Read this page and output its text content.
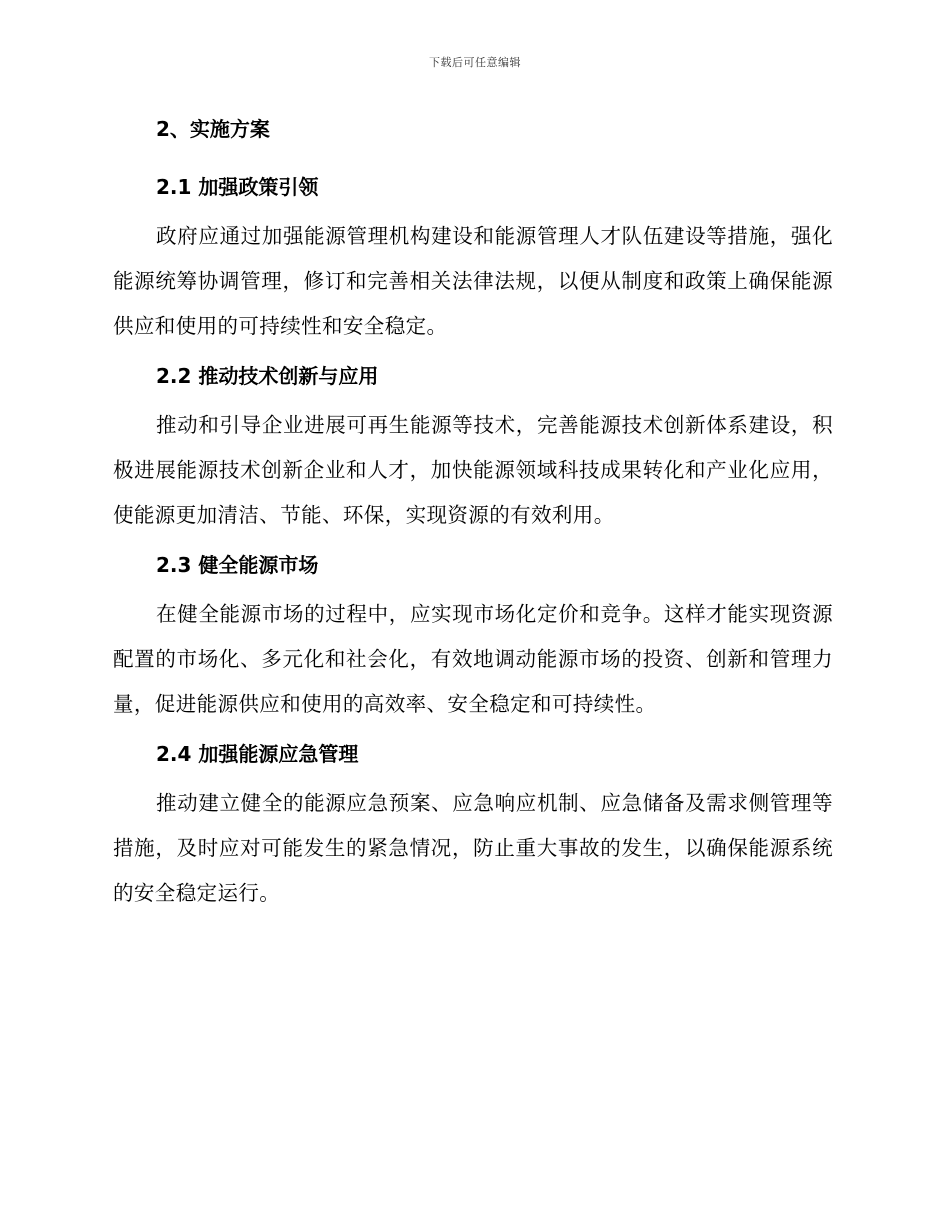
下载后可任意编辑
2、实施方案
2.1 加强政策引领

政府应通过加强能源管理机构建设和能源管理人才队伍建设等措施，强化能源统筹协调管理，修订和完善相关法律法规，以便从制度和政策上确保能源供应和使用的可持续性和安全稳定。

2.2 推动技术创新与应用

推动和引导企业进展可再生能源等技术，完善能源技术创新体系建设，积极进展能源技术创新企业和人才，加快能源领域科技成果转化和产业化应用，使能源更加清洁、节能、环保，实现资源的有效利用。

2.3 健全能源市场

在健全能源市场的过程中，应实现市场化定价和竞争。这样才能实现资源配置的市场化、多元化和社会化，有效地调动能源市场的投资、创新和管理力量，促进能源供应和使用的高效率、安全稳定和可持续性。

2.4 加强能源应急管理

推动建立健全的能源应急预案、应急响应机制、应急储备及需求侧管理等措施，及时应对可能发生的紧急情况，防止重大事故的发生，以确保能源系统的安全稳定运行。
